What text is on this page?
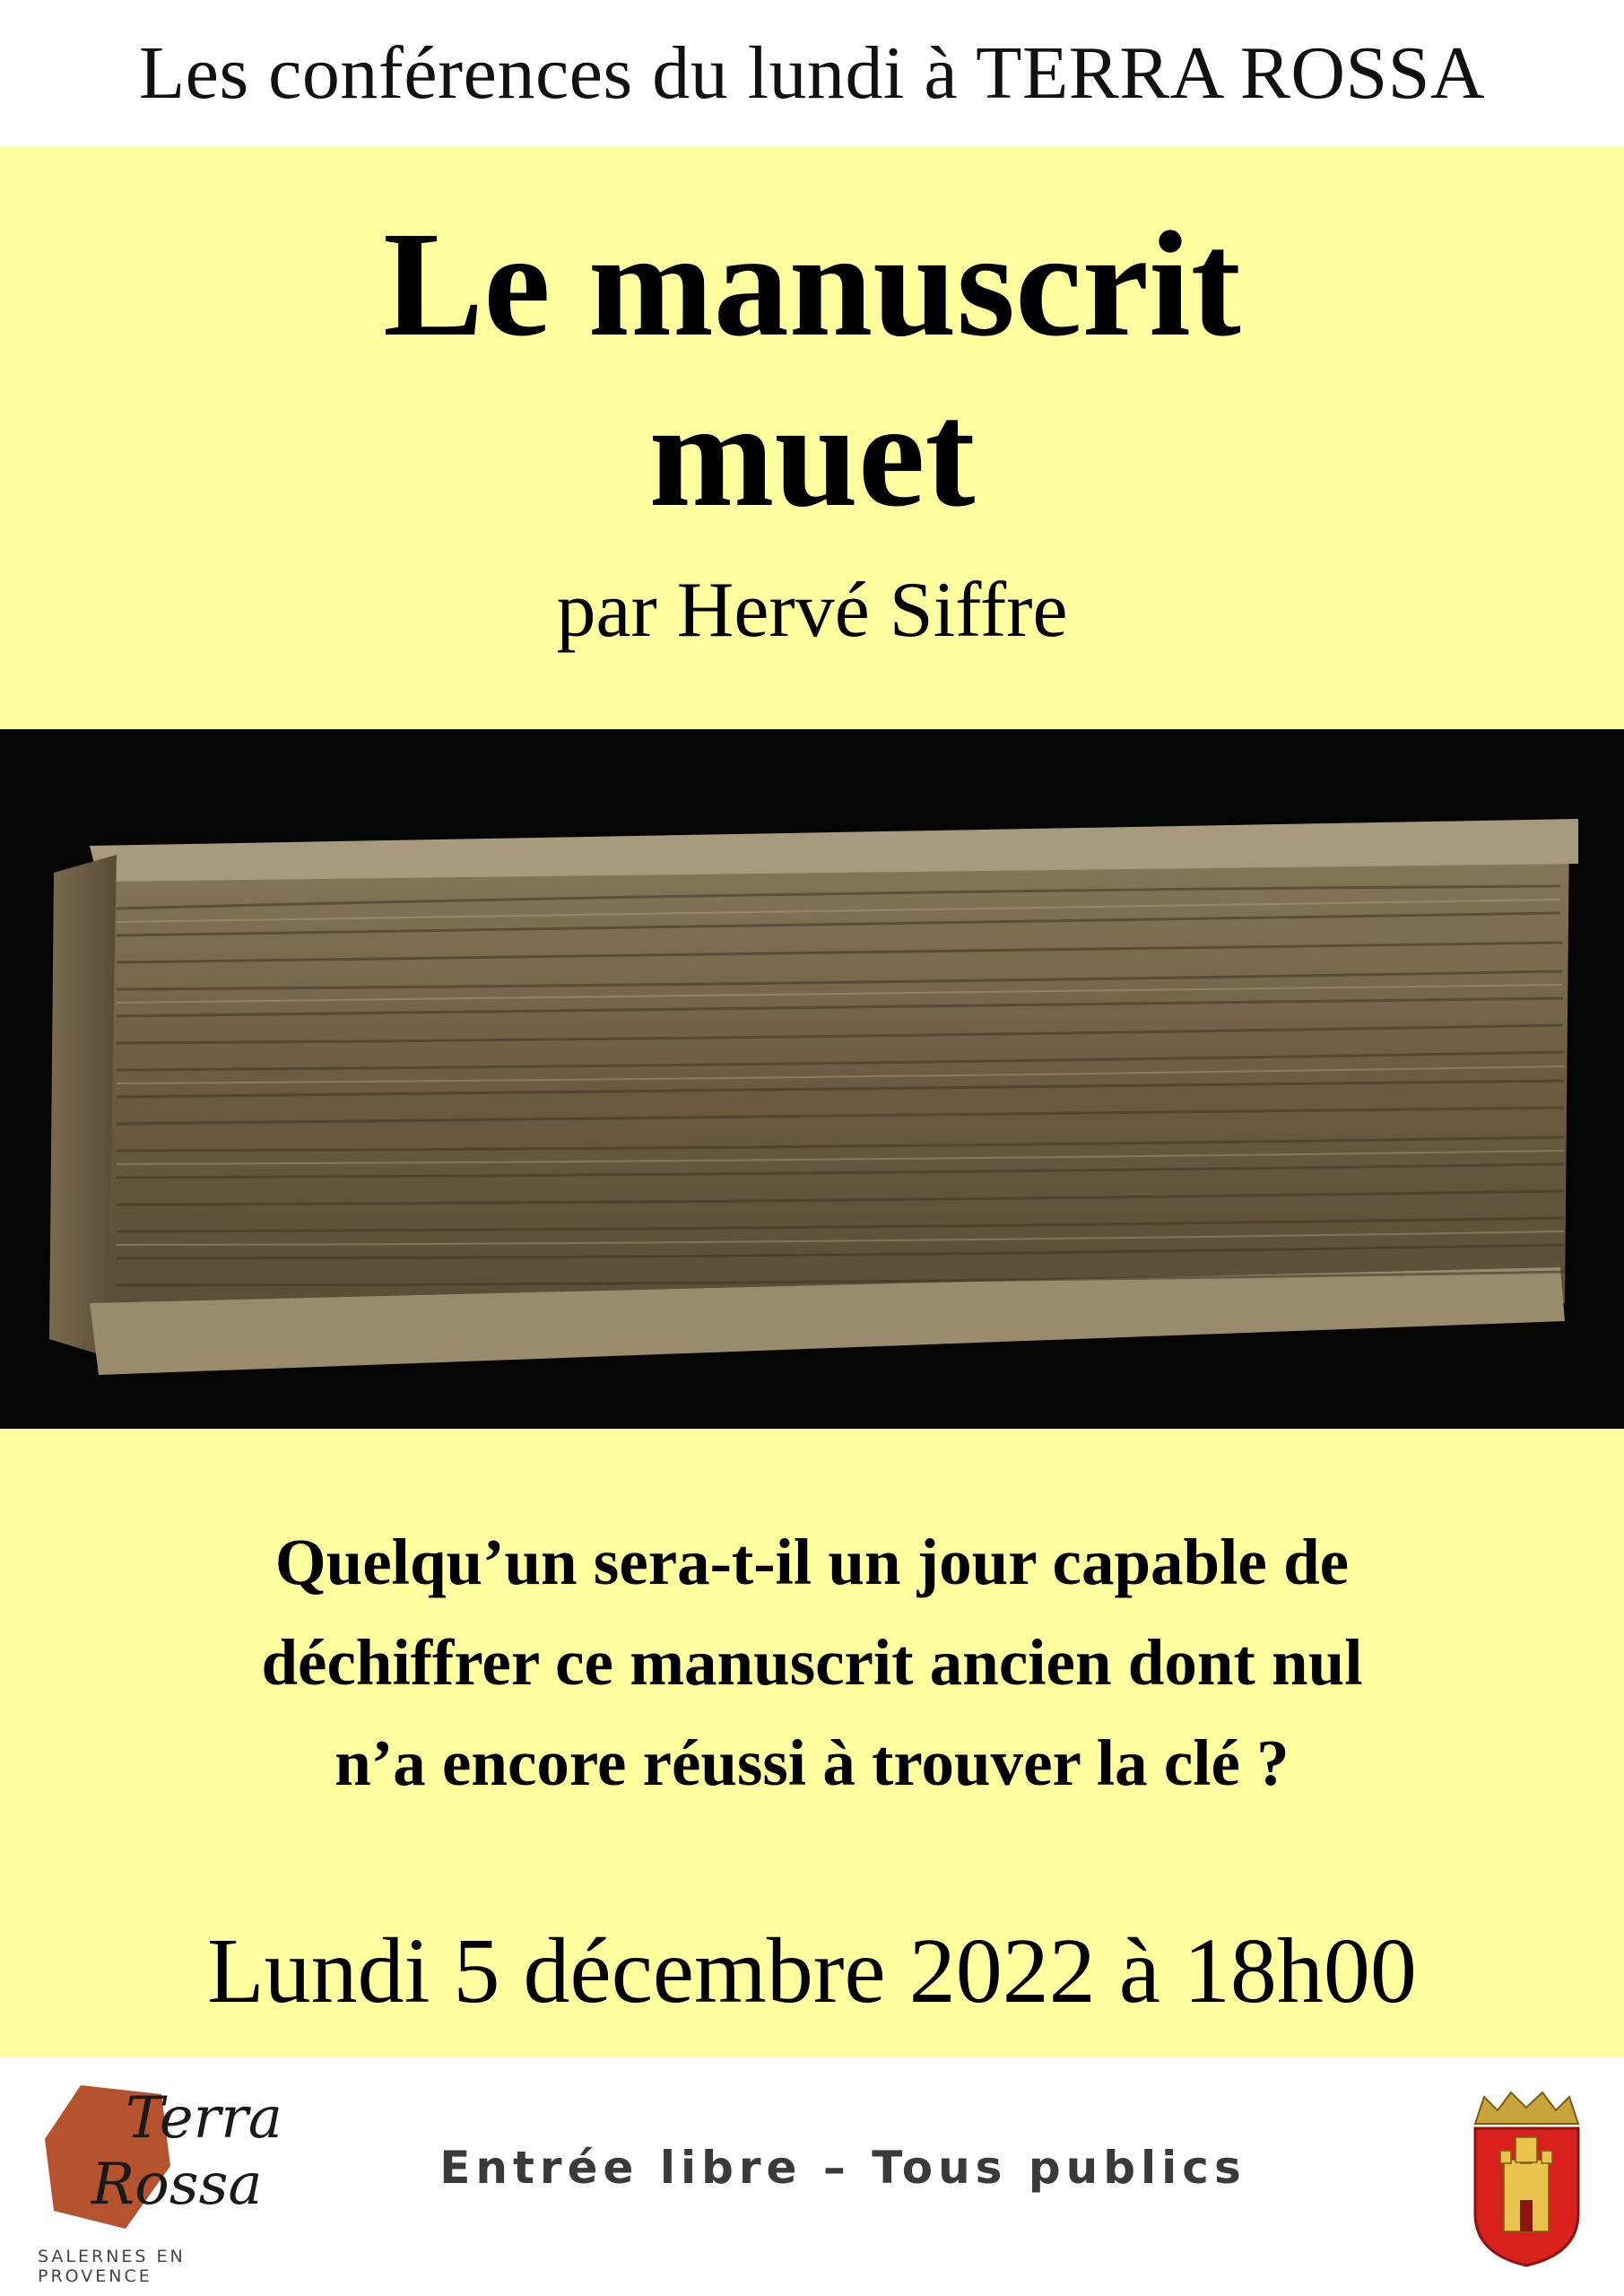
Les conférences du lundi à TERRA ROSSA
Le manuscrit
muet
par Hervé Siffre
Quelqu’un sera-t-il un jour capable de
déchiffrer ce manuscrit ancien dont nul
n’a encore réussi à trouver la clé ?
Lundi 5 décembre 2022 à 18h00
Terra
Rossa
SALERNES EN PROVENCE
Entrée libre – Tous publics
